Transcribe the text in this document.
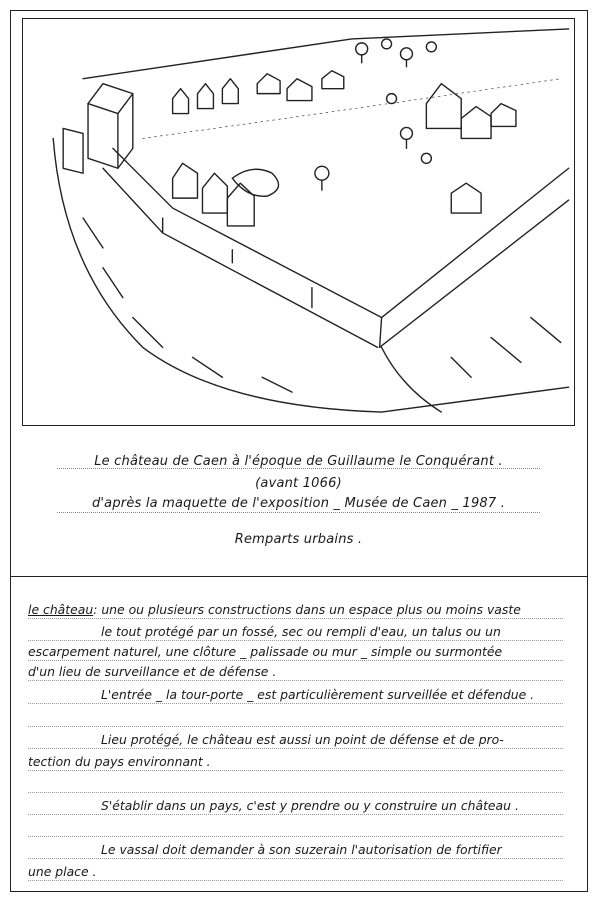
Le château de Caen à l'époque de Guillaume le Conquérant .
(avant 1066)
d'après la maquette de l'exposition _ Musée de Caen _ 1987 .
Remparts urbains .
le château: une ou plusieurs constructions dans un espace plus ou moins vaste
le tout protégé par un fossé, sec ou rempli d'eau, un talus ou un
escarpement naturel, une clôture _ palissade ou mur _ simple ou surmontée
d'un lieu de surveillance et de défense .
L'entrée _ la tour-porte _ est particulièrement surveillée et défendue .
Lieu protégé, le château est aussi un point de défense et de pro-
tection du pays environnant .
S'établir dans un pays, c'est y prendre ou y construire un château .
Le vassal doit demander à son suzerain l'autorisation de fortifier
une place .
